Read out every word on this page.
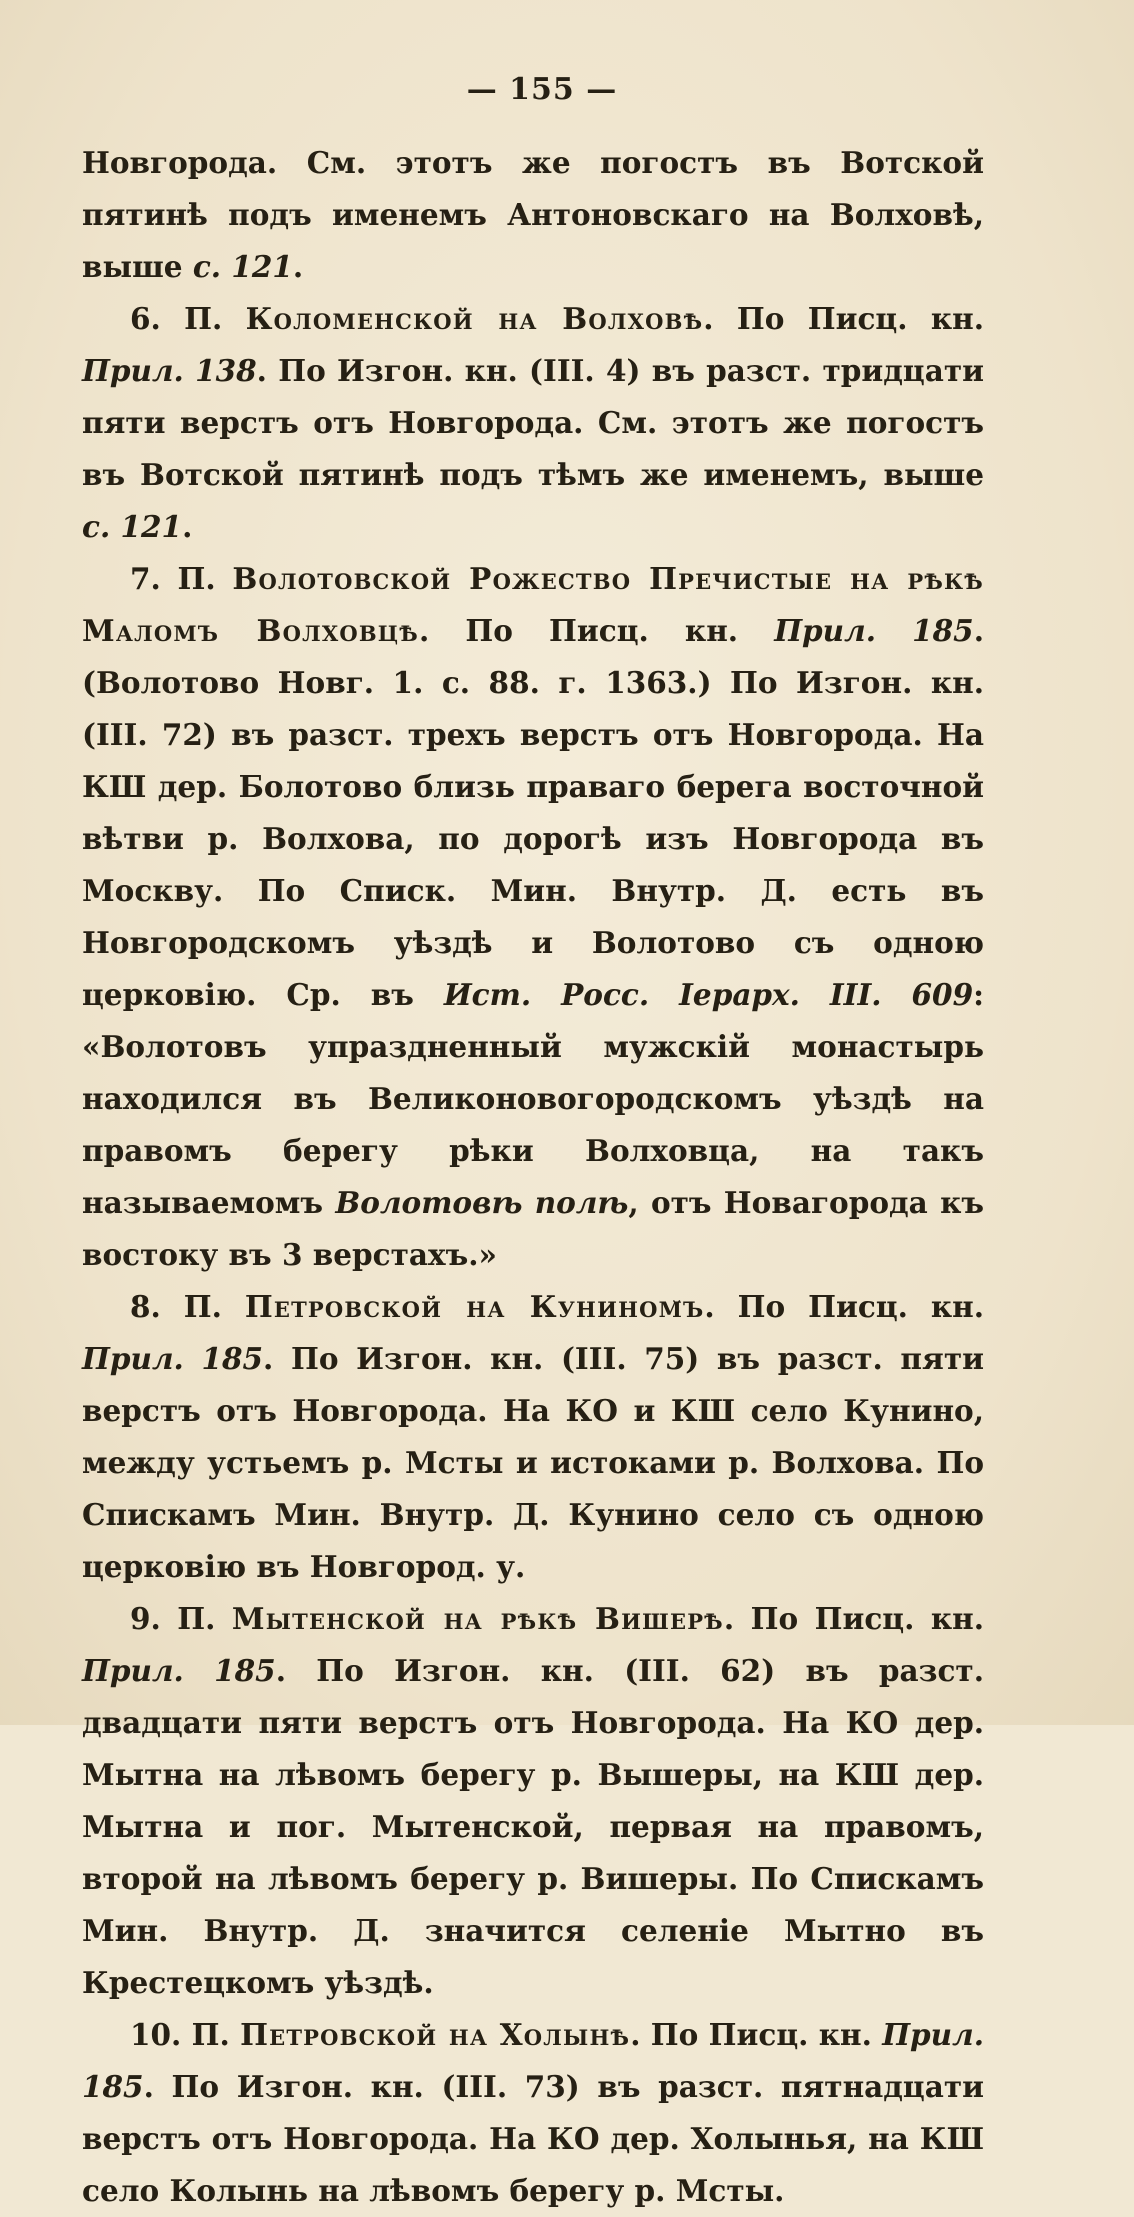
— 155 —

Новгорода. См. этотъ же погостъ въ Вотской пятинѣ подъ именемъ Антоновскаго на Волховѣ, выше с. 121.

6. П. Коломенской на Волховѣ. По Писц. кн. Прил. 138. По Изгон. кн. (III. 4) въ разст. тридцати пяти верстъ отъ Новгорода. См. этотъ же погостъ въ Вотской пятинѣ подъ тѣмъ же именемъ, выше с. 121.

7. П. Волотовской Рожество Пречистые на рѣкѣ Маломъ Волховцѣ. По Писц. кн. Прил. 185. (Волотово Новг. 1. с. 88. г. 1363.) По Изгон. кн. (III. 72) въ разст. трехъ верстъ отъ Новгорода. На КШ дер. Болотово близь праваго берега восточной вѣтви р. Волхова, по дорогѣ изъ Новгорода въ Москву. По Списк. Мин. Внутр. Д. есть въ Новгородскомъ уѣздѣ и Волотово съ одною церковію. Ср. въ Ист. Росс. Іерарх. III. 609: «Волотовъ упраздненный мужскій монастырь находился въ Великоновогородскомъ уѣздѣ на правомъ берегу рѣки Волховца, на такъ называемомъ Волотовѣ полѣ, отъ Новагорода къ востоку въ 3 верстахъ.»

8. П. Петровской на Кунином̆ъ. По Писц. кн. Прил. 185. По Изгон. кн. (III. 75) въ разст. пяти верстъ отъ Новгорода. На КО и КШ село Кунино, между устьемъ р. Мсты и истоками р. Волхова. По Спискамъ Мин. Внутр. Д. Кунино село съ одною церковію въ Новгород. у.

9. П. Мытенской на рѣкѣ Вишерѣ. По Писц. кн. Прил. 185. По Изгон. кн. (III. 62) въ разст. двадцати пяти верстъ отъ Новгорода. На КО дер. Мытна на лѣвомъ берегу р. Вышеры, на КШ дер. Мытна и пог. Мытенской, первая на правомъ, второй на лѣвомъ берегу р. Вишеры. По Спискамъ Мин. Внутр. Д. значится селеніе Мытно въ Крестецкомъ уѣздѣ.

10. П. Петровской на Холынѣ. По Писц. кн. Прил. 185. По Изгон. кн. (III. 73) въ разст. пятнадцати верстъ отъ Новгорода. На КО дер. Холынья, на КШ село Колынь на лѣвомъ берегу р. Мсты.
